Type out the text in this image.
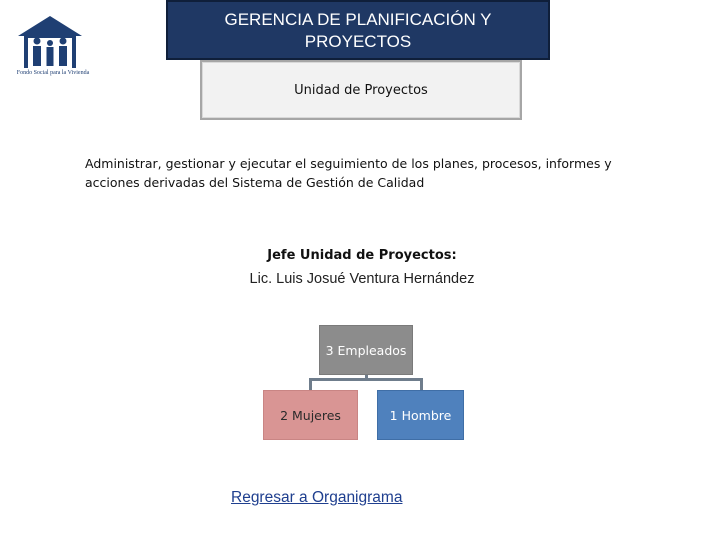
Fondo Social para la Vivienda
GERENCIA DE PLANIFICACIÓN Y
PROYECTOS
Unidad de Proyectos
Administrar, gestionar y ejecutar el seguimiento de los planes, procesos, informes y
acciones derivadas del Sistema de Gestión de Calidad
Jefe Unidad de Proyectos:
Lic. Luis Josué Ventura Hernández
3 Empleados
2 Mujeres	1 Hombre
Regresar a Organigrama
